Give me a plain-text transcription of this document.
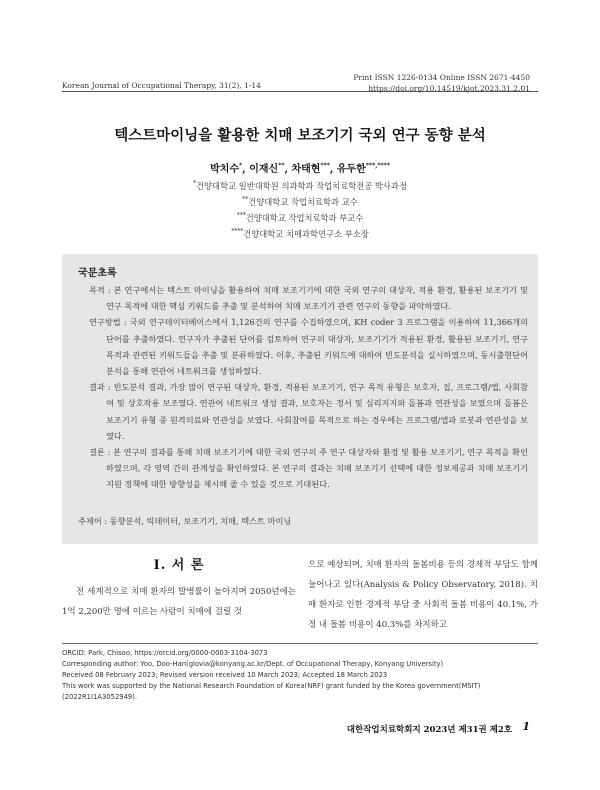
Korean Journal of Occupational Therapy, 31(2), 1-14
Print ISSN 1226-0134 Online ISSN 2671-4450
https://doi.org/10.14519/kjot.2023.31.2.01
텍스트마이닝을 활용한 치매 보조기기 국외 연구 동향 분석
박치수*, 이재신**, 차태현***, 유두한***,****
*건양대학교 일반대학원 의과학과 작업치료학전공 박사과정
**건양대학교 작업치료학과 교수
***건양대학교 작업치료학과 부교수
****건양대학교 치매과학연구소 부소장
국문초록

목적 : 본 연구에서는 텍스트 마이닝을 활용하여 치매 보조기기에 대한 국외 연구의 대상자, 적용 환경, 활용된 보조기기 및 연구 목적에 대한 핵심 키워드를 추출 및 분석하여 치매 보조기기 관련 연구의 동향을 파악하였다.

연구방법 : 국외 연구데이터베이스에서 1,126건의 연구를 수집하였으며, KH coder 3 프로그램을 이용하여 11,366개의 단어를 추출하였다. 연구자가 추출된 단어를 검토하여 연구의 대상자, 보조기기가 적용된 환경, 활용된 보조기기, 연구 목적과 관련된 키워드들을 추출 및 분류하였다. 이후, 추출된 키워드에 대하여 빈도분석을 실시하였으며, 동시출현단어 분석을 통해 연관어 네트워크를 생성하였다.

결과 : 빈도분석 결과, 가장 많이 연구된 대상자, 환경, 적용된 보조기기, 연구 목적 유형은 보호자, 집, 프로그램/앱, 사회참여 및 상호작용 보조였다. 연관어 네트워크 생성 결과, 보호자는 정서 및 심리지지와 돌봄과 연관성을 보였으며 돌봄은 보조기기 유형 중 원격의료와 연관성을 보였다. 사회참여를 목적으로 하는 경우에는 프로그램/앱과 로봇과 연관성을 보였다.

결론 : 본 연구의 결과를 통해 치매 보조기기에 대한 국외 연구의 주 연구 대상자와 환경 및 활용 보조기기, 연구 목적을 확인하였으며, 각 영역 간의 관계성을 확인하였다. 본 연구의 결과는 치매 보조기기 선택에 대한 정보제공과 치매 보조기기 지원 정책에 대한 방향성을 제시해 줄 수 있을 것으로 기대된다.

주제어 : 동향분석, 빅데이터, 보조기기, 치매, 텍스트 마이닝
Ⅰ. 서 론

전 세계적으로 치매 환자의 발병률이 높아지며 2050년에는 1억 2,200만 명에 이르는 사람이 치매에 걸릴 것

으로 예상되며, 치매 환자의 돌봄비용 등의 경제적 부담도 함께 늘어나고 있다(Analysis & Policy Observatory, 2018). 치매 환자로 인한 경제적 부담 중 사회적 돌봄 비용이 40.1%, 가정 내 돌봄 비용이 40.3%를 차지하고

ORCID: Park, Chisoo, https://orcid.org/0000-0003-3104-3073
Corresponding author: Yoo, Doo-Han(glovia@konyang.ac.kr/Dept. of Occupational Therapy, Konyang University)
Received 08 February 2023; Revised version received 10 March 2023; Accepted 18 March 2023
This work was supported by the National Research Foundation of Korea(NRF) grant funded by the Korea government(MSIT)
(2022R1I1A3052949).
대한작업치료학회지 2023년 제31권 제2호 1
